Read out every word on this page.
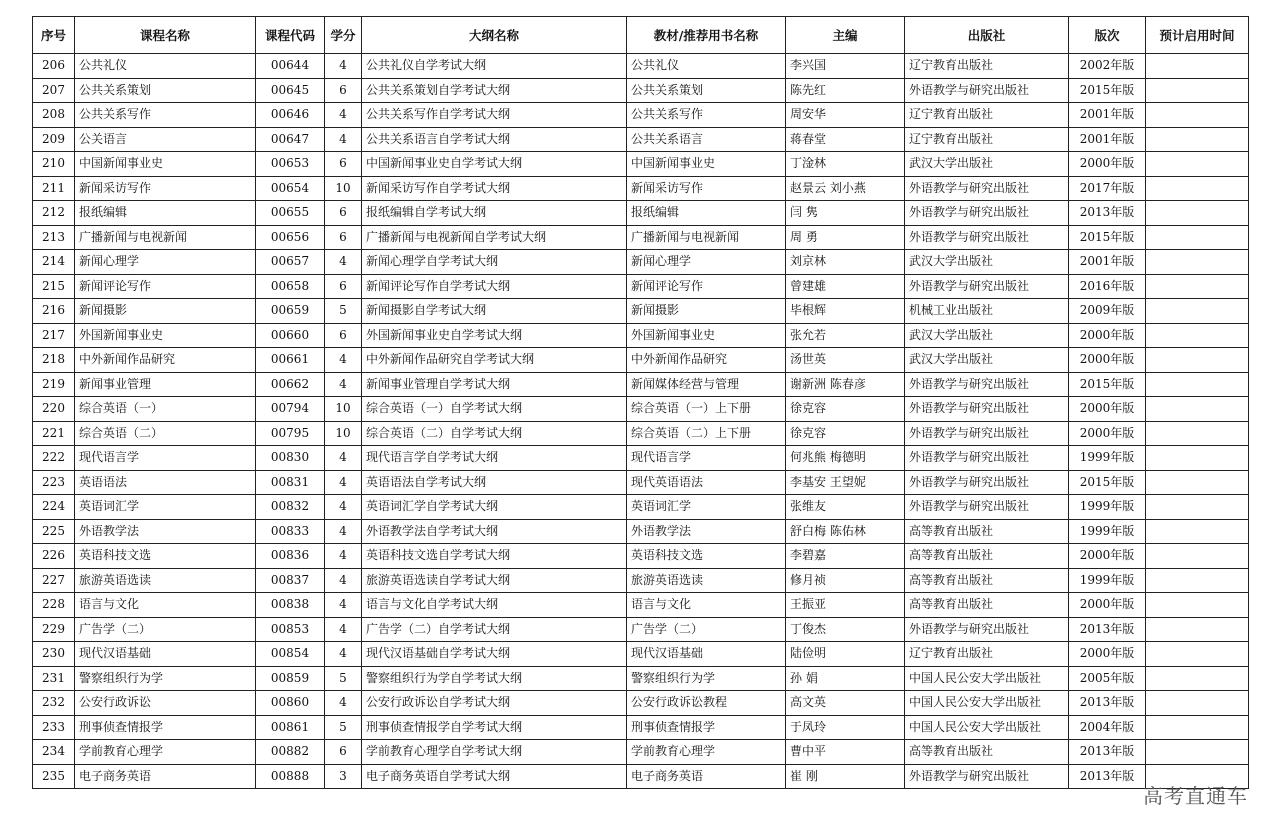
序号	课程名称	课程代码	学分	大纲名称	教材/推荐用书名称	主编	出版社	版次	预计启用时间
206	公共礼仪	00644	4	公共礼仪自学考试大纲	公共礼仪	李兴国	辽宁教育出版社	2002年版	
207	公共关系策划	00645	6	公共关系策划自学考试大纲	公共关系策划	陈先红	外语教学与研究出版社	2015年版	
208	公共关系写作	00646	4	公共关系写作自学考试大纲	公共关系写作	周安华	辽宁教育出版社	2001年版	
209	公关语言	00647	4	公共关系语言自学考试大纲	公共关系语言	蒋春堂	辽宁教育出版社	2001年版	
210	中国新闻事业史	00653	6	中国新闻事业史自学考试大纲	中国新闻事业史	丁淦林	武汉大学出版社	2000年版	
211	新闻采访写作	00654	10	新闻采访写作自学考试大纲	新闻采访写作	赵景云 刘小燕	外语教学与研究出版社	2017年版	
212	报纸编辑	00655	6	报纸编辑自学考试大纲	报纸编辑	闫 隽	外语教学与研究出版社	2013年版	
213	广播新闻与电视新闻	00656	6	广播新闻与电视新闻自学考试大纲	广播新闻与电视新闻	周 勇	外语教学与研究出版社	2015年版	
214	新闻心理学	00657	4	新闻心理学自学考试大纲	新闻心理学	刘京林	武汉大学出版社	2001年版	
215	新闻评论写作	00658	6	新闻评论写作自学考试大纲	新闻评论写作	曾建雄	外语教学与研究出版社	2016年版	
216	新闻摄影	00659	5	新闻摄影自学考试大纲	新闻摄影	毕根辉	机械工业出版社	2009年版	
217	外国新闻事业史	00660	6	外国新闻事业史自学考试大纲	外国新闻事业史	张允若	武汉大学出版社	2000年版	
218	中外新闻作品研究	00661	4	中外新闻作品研究自学考试大纲	中外新闻作品研究	汤世英	武汉大学出版社	2000年版	
219	新闻事业管理	00662	4	新闻事业管理自学考试大纲	新闻媒体经营与管理	谢新洲 陈春彦	外语教学与研究出版社	2015年版	
220	综合英语（一）	00794	10	综合英语（一）自学考试大纲	综合英语（一）上下册	徐克容	外语教学与研究出版社	2000年版	
221	综合英语（二）	00795	10	综合英语（二）自学考试大纲	综合英语（二）上下册	徐克容	外语教学与研究出版社	2000年版	
222	现代语言学	00830	4	现代语言学自学考试大纲	现代语言学	何兆熊 梅德明	外语教学与研究出版社	1999年版	
223	英语语法	00831	4	英语语法自学考试大纲	现代英语语法	李基安 王望妮	外语教学与研究出版社	2015年版	
224	英语词汇学	00832	4	英语词汇学自学考试大纲	英语词汇学	张维友	外语教学与研究出版社	1999年版	
225	外语教学法	00833	4	外语教学法自学考试大纲	外语教学法	舒白梅 陈佑林	高等教育出版社	1999年版	
226	英语科技文选	00836	4	英语科技文选自学考试大纲	英语科技文选	李碧嘉	高等教育出版社	2000年版	
227	旅游英语选读	00837	4	旅游英语选读自学考试大纲	旅游英语选读	修月祯	高等教育出版社	1999年版	
228	语言与文化	00838	4	语言与文化自学考试大纲	语言与文化	王振亚	高等教育出版社	2000年版	
229	广告学（二）	00853	4	广告学（二）自学考试大纲	广告学（二）	丁俊杰	外语教学与研究出版社	2013年版	
230	现代汉语基础	00854	4	现代汉语基础自学考试大纲	现代汉语基础	陆俭明	辽宁教育出版社	2000年版	
231	警察组织行为学	00859	5	警察组织行为学自学考试大纲	警察组织行为学	孙 娟	中国人民公安大学出版社	2005年版	
232	公安行政诉讼	00860	4	公安行政诉讼自学考试大纲	公安行政诉讼教程	高文英	中国人民公安大学出版社	2013年版	
233	刑事侦查情报学	00861	5	刑事侦查情报学自学考试大纲	刑事侦查情报学	于凤玲	中国人民公安大学出版社	2004年版	
234	学前教育心理学	00882	6	学前教育心理学自学考试大纲	学前教育心理学	曹中平	高等教育出版社	2013年版	
235	电子商务英语	00888	3	电子商务英语自学考试大纲	电子商务英语	崔 刚	外语教学与研究出版社	2013年版	
高考直通车
